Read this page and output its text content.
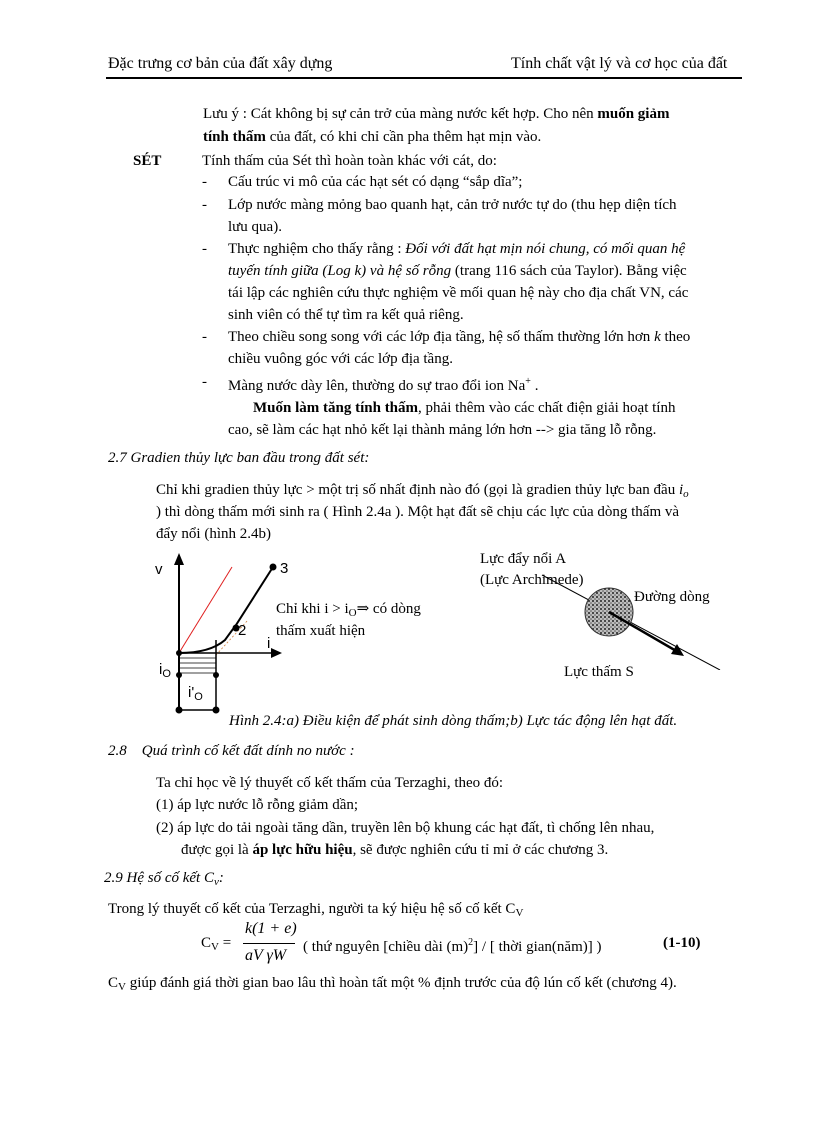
Đặc trưng cơ bản của đất xây dựng	Tính chất vật lý và cơ học của đất
Lưu ý : Cát không bị sự cản trở của màng nước kết hợp. Cho nên muốn giảm
tính thấm của đất, có khi chỉ cần pha thêm hạt mịn vào.
SÉT	Tính thấm của Sét thì hoàn toàn khác với cát, do:
- Cấu trúc vi mô của các hạt sét có dạng “sắp dĩa”;
- Lớp nước màng mỏng bao quanh hạt, cản trở nước tự do (thu hẹp diện tích
lưu qua).
- Thực nghiệm cho thấy rằng : Đối với đất hạt mịn nói chung, có mối quan hệ
tuyến tính giữa (Log k) và hệ số rỗng (trang 116 sách của Taylor). Bằng việc
tái lập các nghiên cứu thực nghiệm về mối quan hệ này cho địa chất VN, các
sinh viên có thể tự tìm ra kết quả riêng.
- Theo chiều song song với các lớp địa tầng, hệ số thấm thường lớn hơn k theo
chiều vuông góc với các lớp địa tầng.
- Màng nước dày lên, thường do sự trao đổi ion Na+ .
Muốn làm tăng tính thấm, phải thêm vào các chất điện giải hoạt tính
cao, sẽ làm các hạt nhỏ kết lại thành mảng lớn hơn --> gia tăng lỗ rỗng.
2.7 Gradien thủy lực ban đầu trong đất sét:
Chỉ khi gradien thủy lực > một trị số nhất định nào đó (gọi là gradien thủy lực ban đầu $i_o$
) thì dòng thấm mới sinh ra ( Hình 2.4a ). Một hạt đất sẽ chịu các lực của dòng thấm và
đẩy nổi (hình 2.4b)
v
i
3
2
$i_O$
$i'_O$
Chỉ khi $i > i_O\Rightarrow$ có dòng
thấm xuất hiện
Lực đẩy nổi A
(Lực Archimede)
Đường dòng
Lực thấm S
Hình 2.4:a) Điều kiện để phát sinh dòng thấm;b) Lực tác động lên hạt đất.
2.8    Quá trình cố kết đất dính no nước :
Ta chỉ học về lý thuyết cố kết thấm của Terzaghi, theo đó:
(1) áp lực nước lỗ rỗng giảm dần;
(2) áp lực do tải ngoài tăng dần, truyền lên bộ khung các hạt đất, tì chống lên nhau,
được gọi là áp lực hữu hiệu, sẽ được nghiên cứu tỉ mỉ ở các chương 3.
2.9 Hệ số cố kết $C_v$:
Trong lý thuyết cố kết của Terzaghi, người ta ký hiệu hệ số cố kết $C_V$
$C_V$ =
k(1 + e)
aV γW ( thứ nguyên [chiều dài $(m)^2$] / [ thời gian(năm)] )	(1-10)
$C_V$ giúp đánh giá thời gian bao lâu thì hoàn tất một % định trước của độ lún cố kết (chương 4).
